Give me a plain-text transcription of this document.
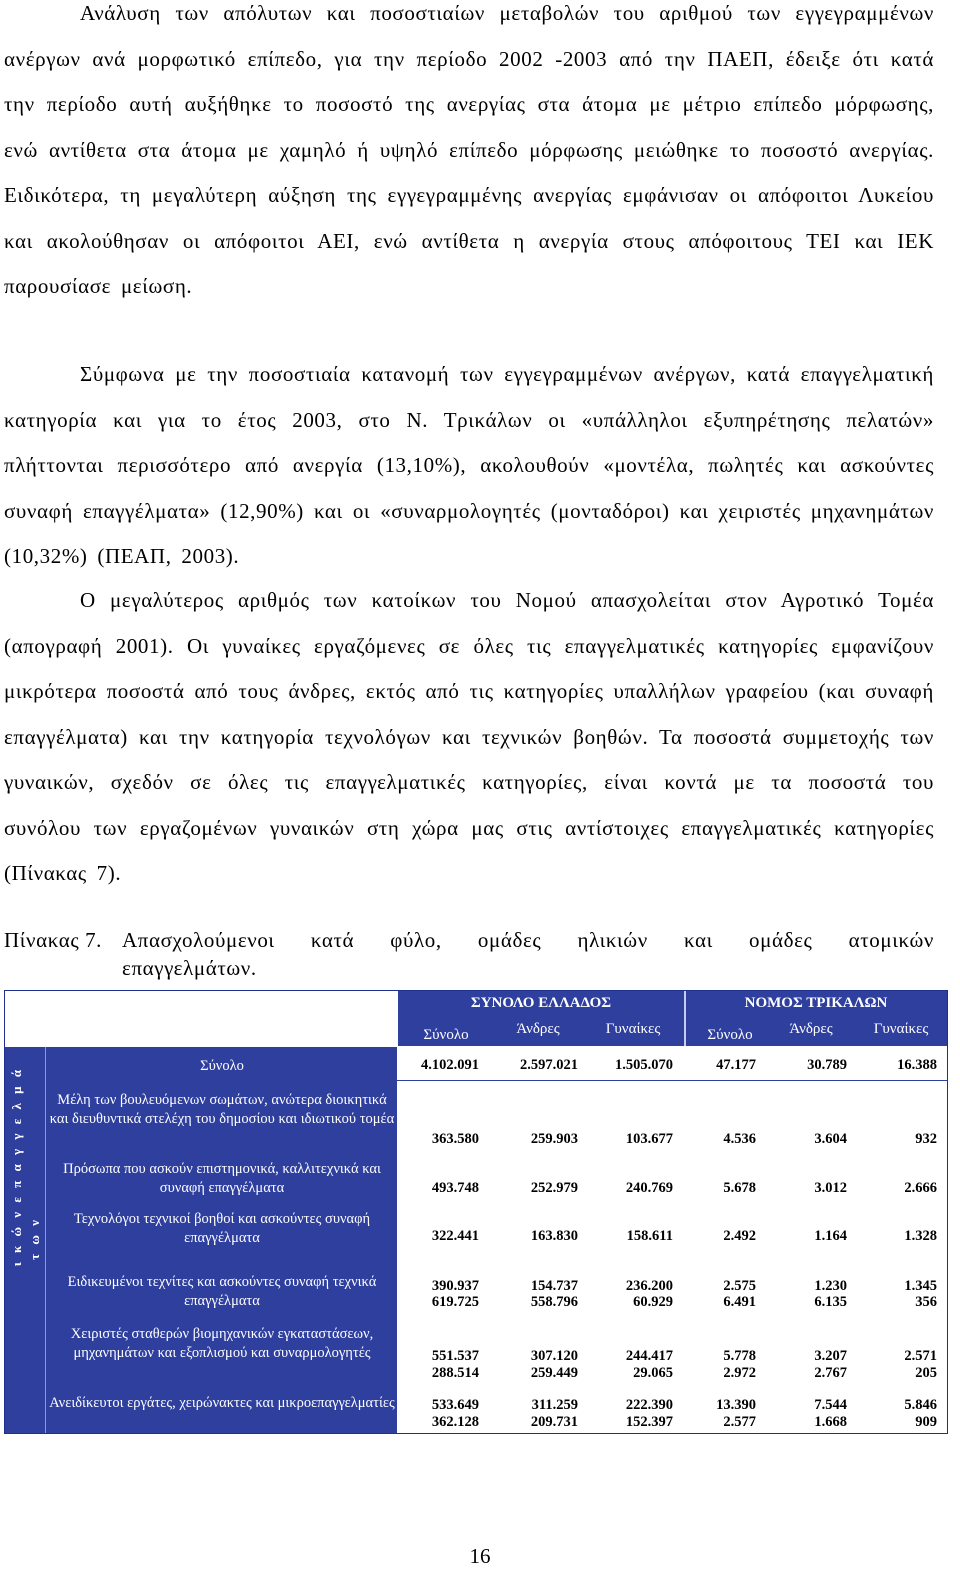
Ανάλυση των απόλυτων και ποσοστιαίων μεταβολών του αριθμού των εγγεγραμμένων ανέργων ανά μορφωτικό επίπεδο, για την περίοδο 2002 -2003 από την ΠΑΕΠ, έδειξε ότι κατά την περίοδο αυτή αυξήθηκε το ποσοστό της ανεργίας στα άτομα με μέτριο επίπεδο μόρφωσης, ενώ αντίθετα στα άτομα με χαμηλό ή υψηλό επίπεδο μόρφωσης μειώθηκε το ποσοστό ανεργίας. Ειδικότερα, τη μεγαλύτερη αύξηση της εγγεγραμμένης ανεργίας εμφάνισαν οι απόφοιτοι Λυκείου και ακολούθησαν οι απόφοιτοι ΑΕΙ, ενώ αντίθετα η ανεργία στους απόφοιτους ΤΕΙ και ΙΕΚ παρουσίασε μείωση.

Σύμφωνα με την ποσοστιαία κατανομή των εγγεγραμμένων ανέργων, κατά επαγγελματική κατηγορία και για το έτος 2003, στο Ν. Τρικάλων οι «υπάλληλοι εξυπηρέτησης πελατών» πλήττονται περισσότερο από ανεργία (13,10%), ακολουθούν «μοντέλα, πωλητές και ασκούντες συναφή επαγγέλματα» (12,90%) και οι «συναρμολογητές (μονταδόροι) και χειριστές μηχανημάτων (10,32%) (ΠΕΑΠ, 2003).

Ο μεγαλύτερος αριθμός των κατοίκων του Νομού απασχολείται στον Αγροτικό Τομέα (απογραφή 2001). Οι γυναίκες εργαζόμενες σε όλες τις επαγγελματικές κατηγορίες εμφανίζουν μικρότερα ποσοστά από τους άνδρες, εκτός από τις κατηγορίες υπαλλήλων γραφείου (και συναφή επαγγέλματα) και την κατηγορία τεχνολόγων και τεχνικών βοηθών. Τα ποσοστά συμμετοχής των γυναικών, σχεδόν σε όλες τις επαγγελματικές κατηγορίες, είναι κοντά με τα ποσοστά του συνόλου των εργαζομένων γυναικών στη χώρα μας στις αντίστοιχες επαγγελματικές κατηγορίες (Πίνακας 7).

Πίνακας 7. Απασχολούμενοι κατά φύλο, ομάδες ηλικιών και ομάδες ατομικών επαγγελμάτων.
ΣΥΝΟΛΟ ΕΛΛΑΔΟΣ	ΝΟΜΟΣ ΤΡΙΚΑΛΩΝ
Σύνολο	Άνδρες	Γυναίκες	Σύνολο	Άνδρες	Γυναίκες
ι κ ώ ν ε π α γ γ ε λ μ ά τ ω ν
Σύνολο	4.102.091	2.597.021	1.505.070	47.177	30.789	16.388
Μέλη των βουλευόμενων σωμάτων, ανώτερα διοικητικά και διευθυντικά στελέχη του δημοσίου και ιδιωτικού τομέα
363.580	259.903	103.677	4.536	3.604	932
Πρόσωπα που ασκούν επιστημονικά, καλλιτεχνικά και συναφή επαγγέλματα	493.748	252.979	240.769	5.678	3.012	2.666
Τεχνολόγοι τεχνικοί βοηθοί και ασκούντες συναφή επαγγέλματα	322.441	163.830	158.611	2.492	1.164	1.328
Ειδικευμένοι τεχνίτες και ασκούντες συναφή τεχνικά επαγγέλματα
390.937	154.737	236.200	2.575	1.230	1.345
619.725	558.796	60.929	6.491	6.135	356
Χειριστές σταθερών βιομηχανικών εγκαταστάσεων, μηχανημάτων και εξοπλισμού και συναρμολογητές	551.537	307.120	244.417	5.778	3.207	2.571
288.514	259.449	29.065	2.972	2.767	205
Ανειδίκευτοι εργάτες, χειρώνακτες και μικροεπαγγελματίες	533.649	311.259	222.390	13.390	7.544	5.846
362.128	209.731	152.397	2.577	1.668	909
16
